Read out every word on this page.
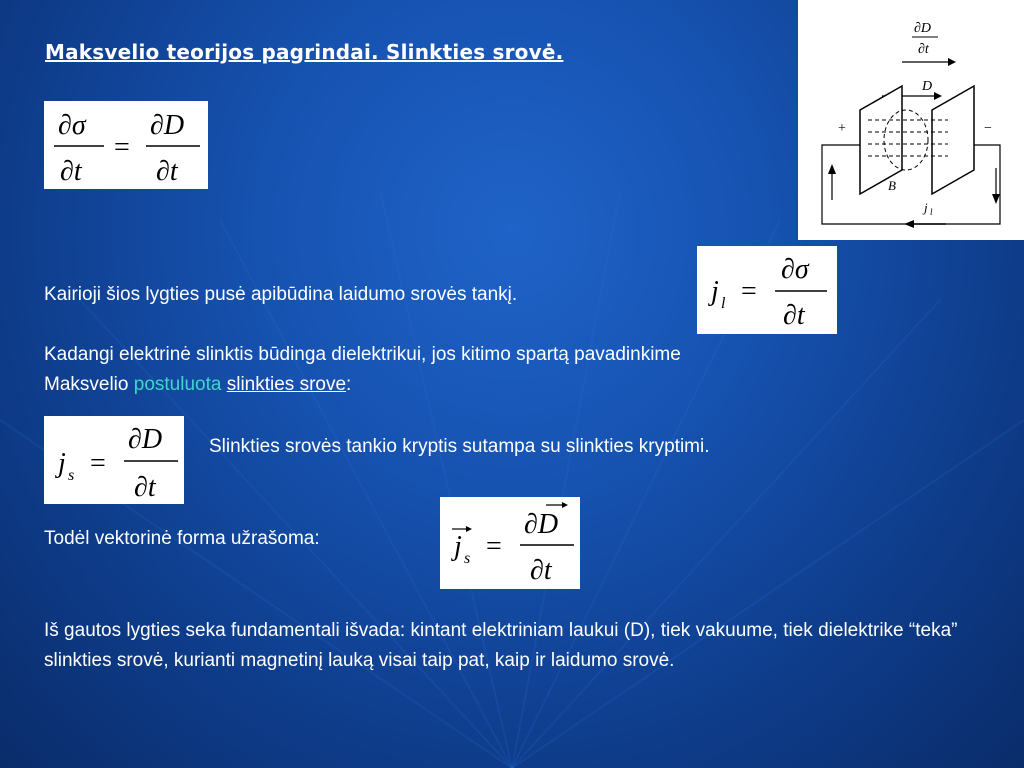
Maksvelio teorijos pagrindai. Slinkties srovė.
∂σ
∂t
=
∂D
∂t
∂D
∂t
D
+	−
B
j l
Kairioji šios lygties pusė apibūdina laidumo srovės tankį.	j l =
∂σ
∂t
Kadangi elektrinė slinktis būdinga dielektrikui, jos kitimo spartą pavadinkime
Maksvelio postuluota slinkties srove:
j s =
∂D
∂t
Slinkties srovės tankio kryptis sutampa su slinkties kryptimi.
Todėl vektorinė forma užrašoma:	j s =
∂D
∂t
Iš gautos lygties seka fundamentali išvada: kintant elektriniam laukui (D), tiek vakuume, tiek dielektrike “teka” slinkties srovė, kurianti magnetinį lauką visai taip pat, kaip ir laidumo srovė.
